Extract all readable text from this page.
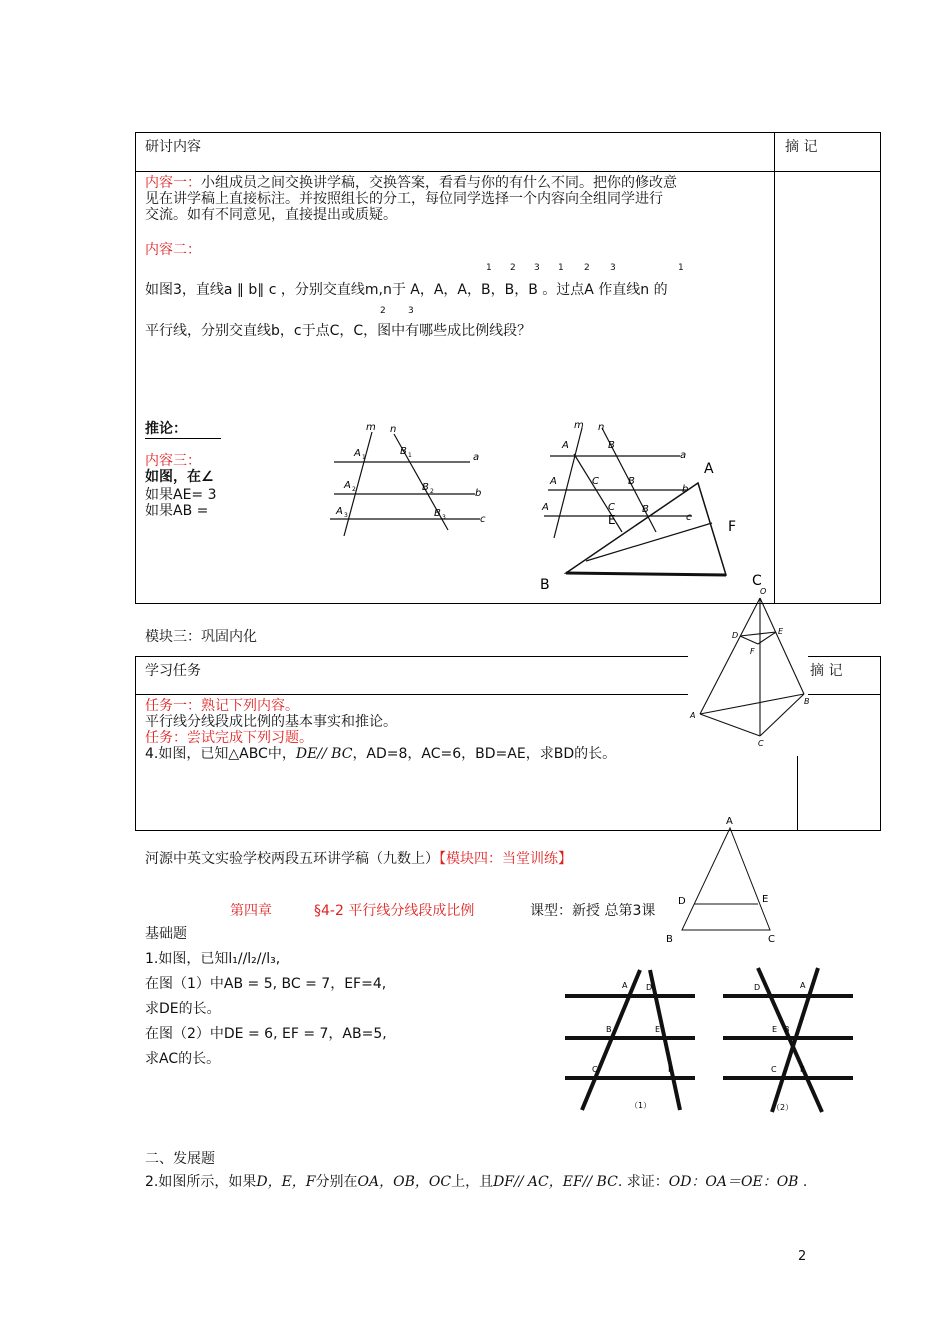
研讨内容	摘 记
内容一：小组成员之间交换讲学稿，交换答案，看看与你的有什么不同。把你的修改意
见在讲学稿上直接标注。并按照组长的分工，每位同学选择一个内容向全组同学进行
交流。如有不同意见，直接提出或质疑。
内容二：
1 2 3 1 2 3	1
如图3，直线a ∥ b∥ c ，分别交直线m,n于 A，A，A，B，B，B 。过点A 作直线n 的
2 3
平行线，分别交直线b，c于点C，C，图中有哪些成比例线段？
推论：
内容三：
如图，在∠
如果AE= 3
如果AB =
m n
A 1
A 2
A 3
B 1
B 2
B 3
a
b
c
m n
A
A
A
B
B
B
C
C
E
a
b
c
A
F
B	C
模块三：巩固内化
学习任务	摘 记
O
D	E
F
A
B
C
任务一：熟记下列内容。
平行线分线段成比例的基本事实和推论。
任务：尝试完成下列习题。
4.如图，已知△ABC中，DE// BC，AD=8，AC=6，BD=AE，求BD的长。
河源中英文实验学校两段五环讲学稿（九数上）【模块四：当堂训练】
A
D	E
B	C
第四章	§4-2 平行线分线段成比例	课型：新授 总第3课
基础题
1.如图，已知l₁//l₂//l₃,
在图（1）中AB = 5, BC = 7，EF=4,
求DE的长。
在图（2）中DE = 6, EF = 7，AB=5,
求AC的长。
A D
B	E
C	F
（1）
D	A
E B
C	F
（2）
二、发展题
2.如图所示，如果D，E，F分别在OA，OB，OC上，且DF// AC，EF// BC. 求证：OD：OA＝OE：OB .
2
